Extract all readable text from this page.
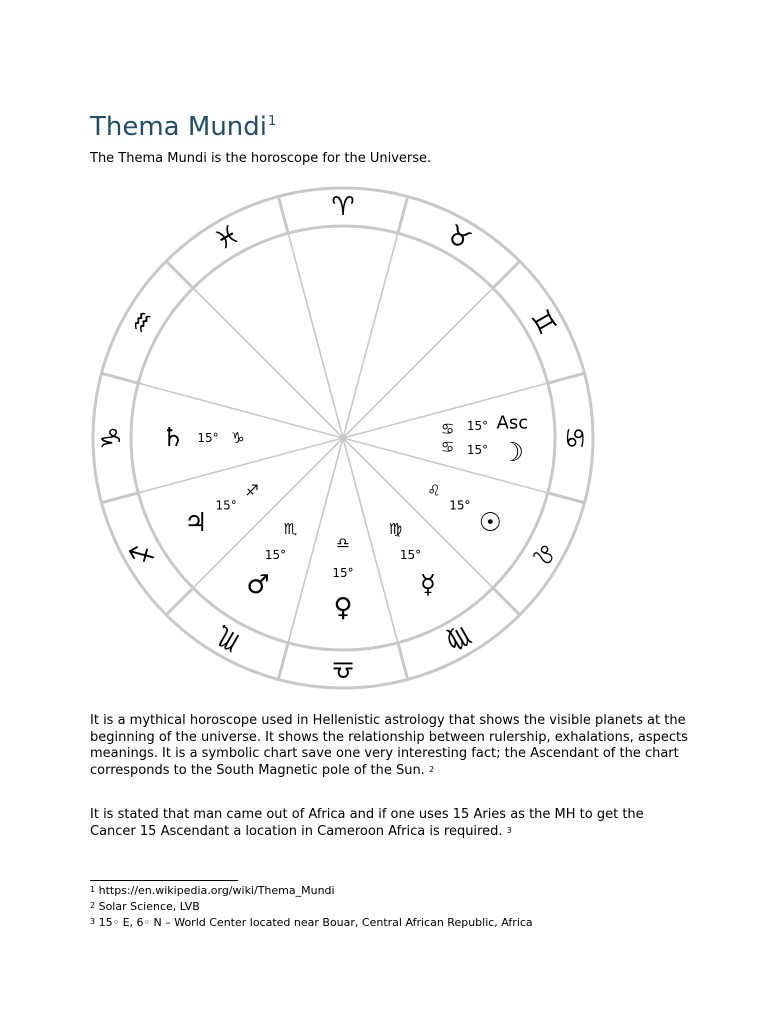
Thema Mundi$^1$

The Thema Mundi is the horoscope for the Universe.

♈
♓
♒
♑
♐
♏
♎
♍
♌
♋
♊
♉
Asc
15°
♋
☽
15°
♋
☉
15°
♌
☿
15°
♍
♀
15°
♎
♂
15°
♏
♃
15°
♐
♄ 15° ♑

It is a mythical horoscope used in Hellenistic astrology that shows the visible planets at the beginning of the universe. It shows the relationship between rulership, exhalations, aspects meanings. It is a symbolic chart save one very interesting fact; the Ascendant of the chart corresponds to the South Magnetic pole of the Sun. $^2$

It is stated that man came out of Africa and if one uses 15 Aries as the MH to get the Cancer 15 Ascendant a location in Cameroon Africa is required. $^3$

$^1$ https://en.wikipedia.org/wiki/Thema_Mundi

$^2$ Solar Science, LVB

$^3$ 15◦ E, 6◦ N – World Center located near Bouar, Central African Republic, Africa
